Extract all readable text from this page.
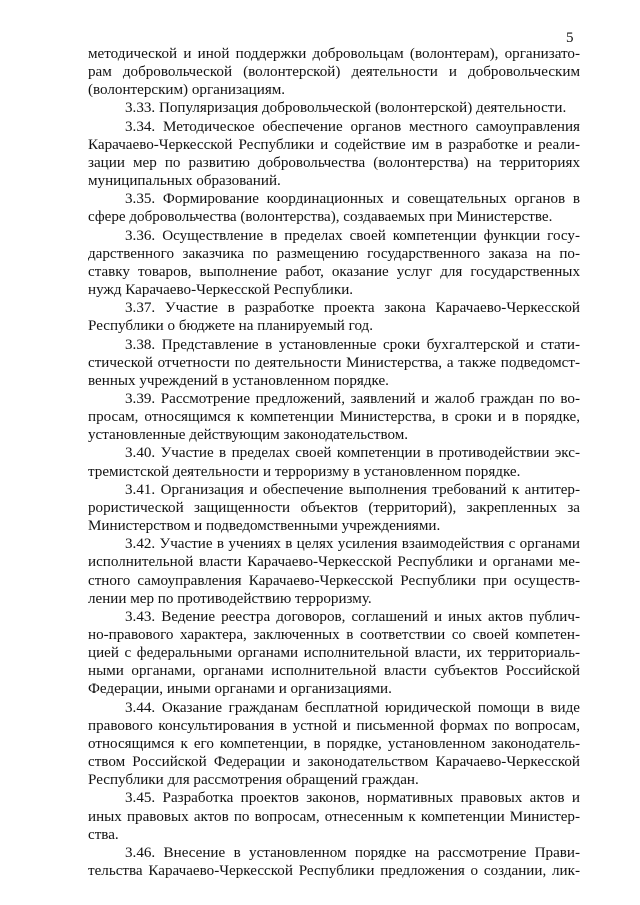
5
методической и иной поддержки добровольцам (волонтерам), организато-
рам добровольческой (волонтерской) деятельности и добровольческим
(волонтерским) организациям.
3.33. Популяризация добровольческой (волонтерской) деятельности.
3.34. Методическое обеспечение органов местного самоуправления
Карачаево-Черкесской Республики и содействие им в разработке и реали-
зации мер по развитию добровольчества (волонтерства) на территориях
муниципальных образований.
3.35. Формирование координационных и совещательных органов в
сфере добровольчества (волонтерства), создаваемых при Министерстве.
3.36. Осуществление в пределах своей компетенции функции госу-
дарственного заказчика по размещению государственного заказа на по-
ставку товаров, выполнение работ, оказание услуг для государственных
нужд Карачаево-Черкесской Республики.
3.37. Участие в разработке проекта закона Карачаево-Черкесской
Республики о бюджете на планируемый год.
3.38. Представление в установленные сроки бухгалтерской и стати-
стической отчетности по деятельности Министерства, а также подведомст-
венных учреждений в установленном порядке.
3.39. Рассмотрение предложений, заявлений и жалоб граждан по во-
просам, относящимся к компетенции Министерства, в сроки и в порядке,
установленные действующим законодательством.
3.40. Участие в пределах своей компетенции в противодействии экс-
тремистской деятельности и терроризму в установленном порядке.
3.41. Организация и обеспечение выполнения требований к антитер-
рористической защищенности объектов (территорий), закрепленных за
Министерством и подведомственными учреждениями.
3.42. Участие в учениях в целях усиления взаимодействия с органами
исполнительной власти Карачаево-Черкесской Республики и органами ме-
стного самоуправления Карачаево-Черкесской Республики при осуществ-
лении мер по противодействию терроризму.
3.43. Ведение реестра договоров, соглашений и иных актов публич-
но-правового характера, заключенных в соответствии со своей компетен-
цией с федеральными органами исполнительной власти, их территориаль-
ными органами, органами исполнительной власти субъектов Российской
Федерации, иными органами и организациями.
3.44. Оказание гражданам бесплатной юридической помощи в виде
правового консультирования в устной и письменной формах по вопросам,
относящимся к его компетенции, в порядке, установленном законодатель-
ством Российской Федерации и законодательством Карачаево-Черкесской
Республики для рассмотрения обращений граждан.
3.45. Разработка проектов законов, нормативных правовых актов и
иных правовых актов по вопросам, отнесенным к компетенции Министер-
ства.
3.46. Внесение в установленном порядке на рассмотрение Прави-
тельства Карачаево-Черкесской Республики предложения о создании, лик-
